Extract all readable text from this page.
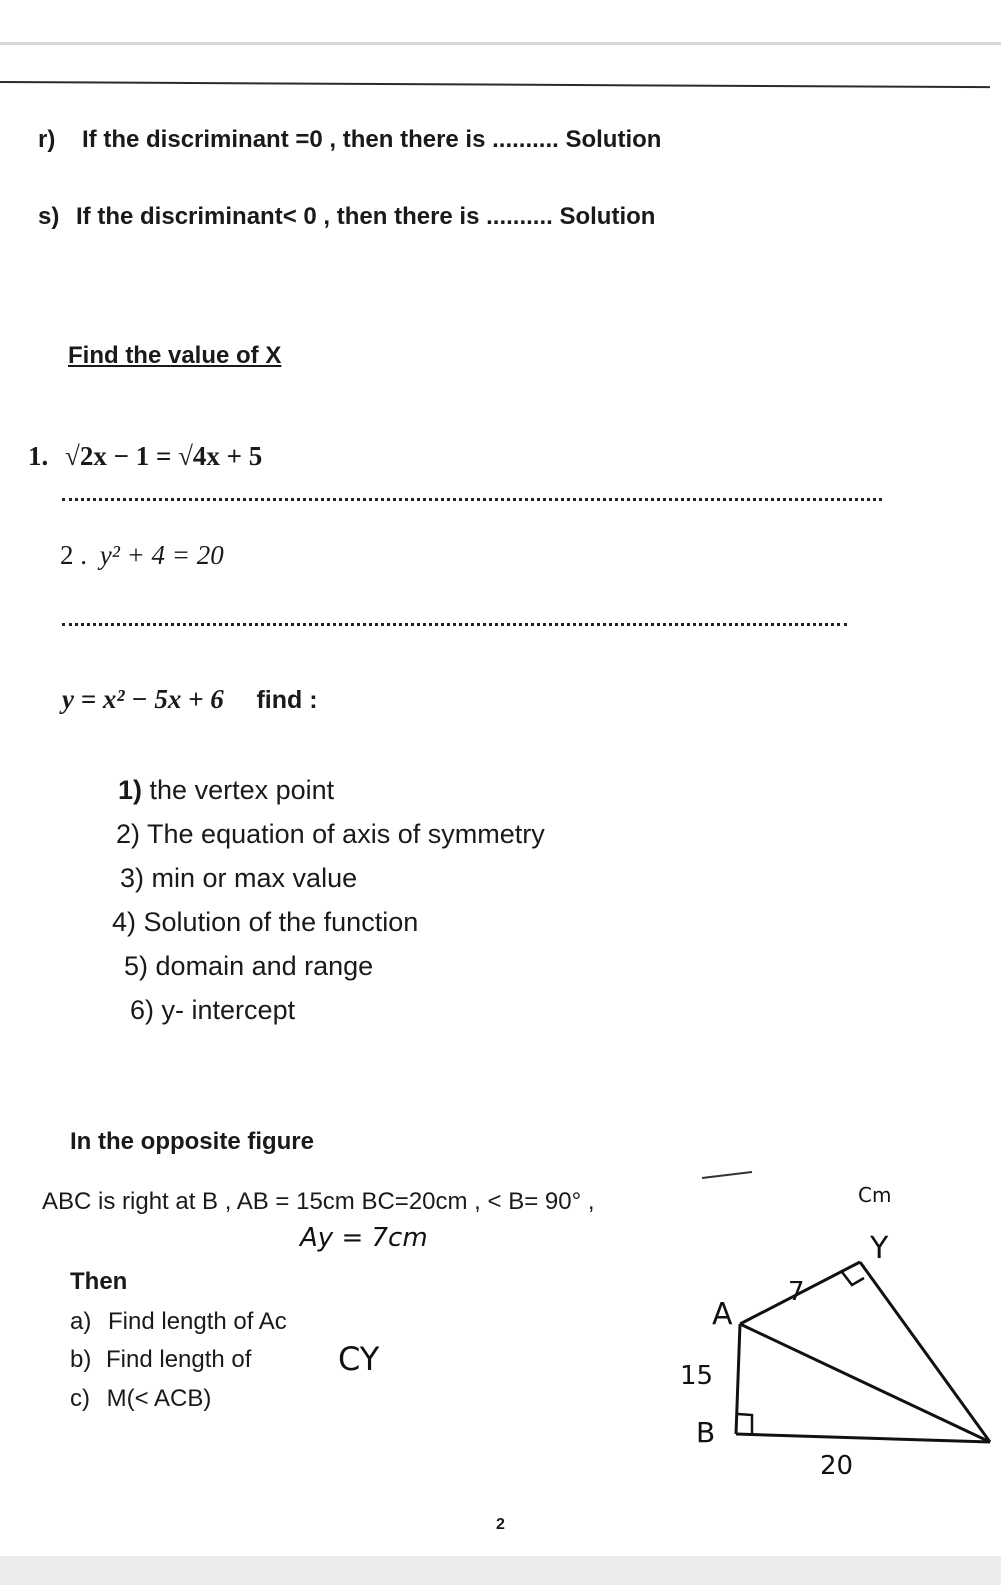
r) If the discriminant =0 , then there is .......... Solution
s) If the discriminant< 0 , then there is .......... Solution
Find the value of X
1. √2x − 1 = √4x + 5
2 . y² + 4 = 20
y = x² − 5x + 6 find :
1) the vertex point
2) The equation of axis of symmetry
3) min or max value
4) Solution of the function
5) domain and range
6) y- intercept
In the opposite figure
ABC is right at B , AB = 15cm BC=20cm , < B= 90° ,
Ay = 7cm
Then
a) Find length of Ac
b) Find length of	CY
c) M(< ACB)
A
B
Y
15
20
7
Cm
2
